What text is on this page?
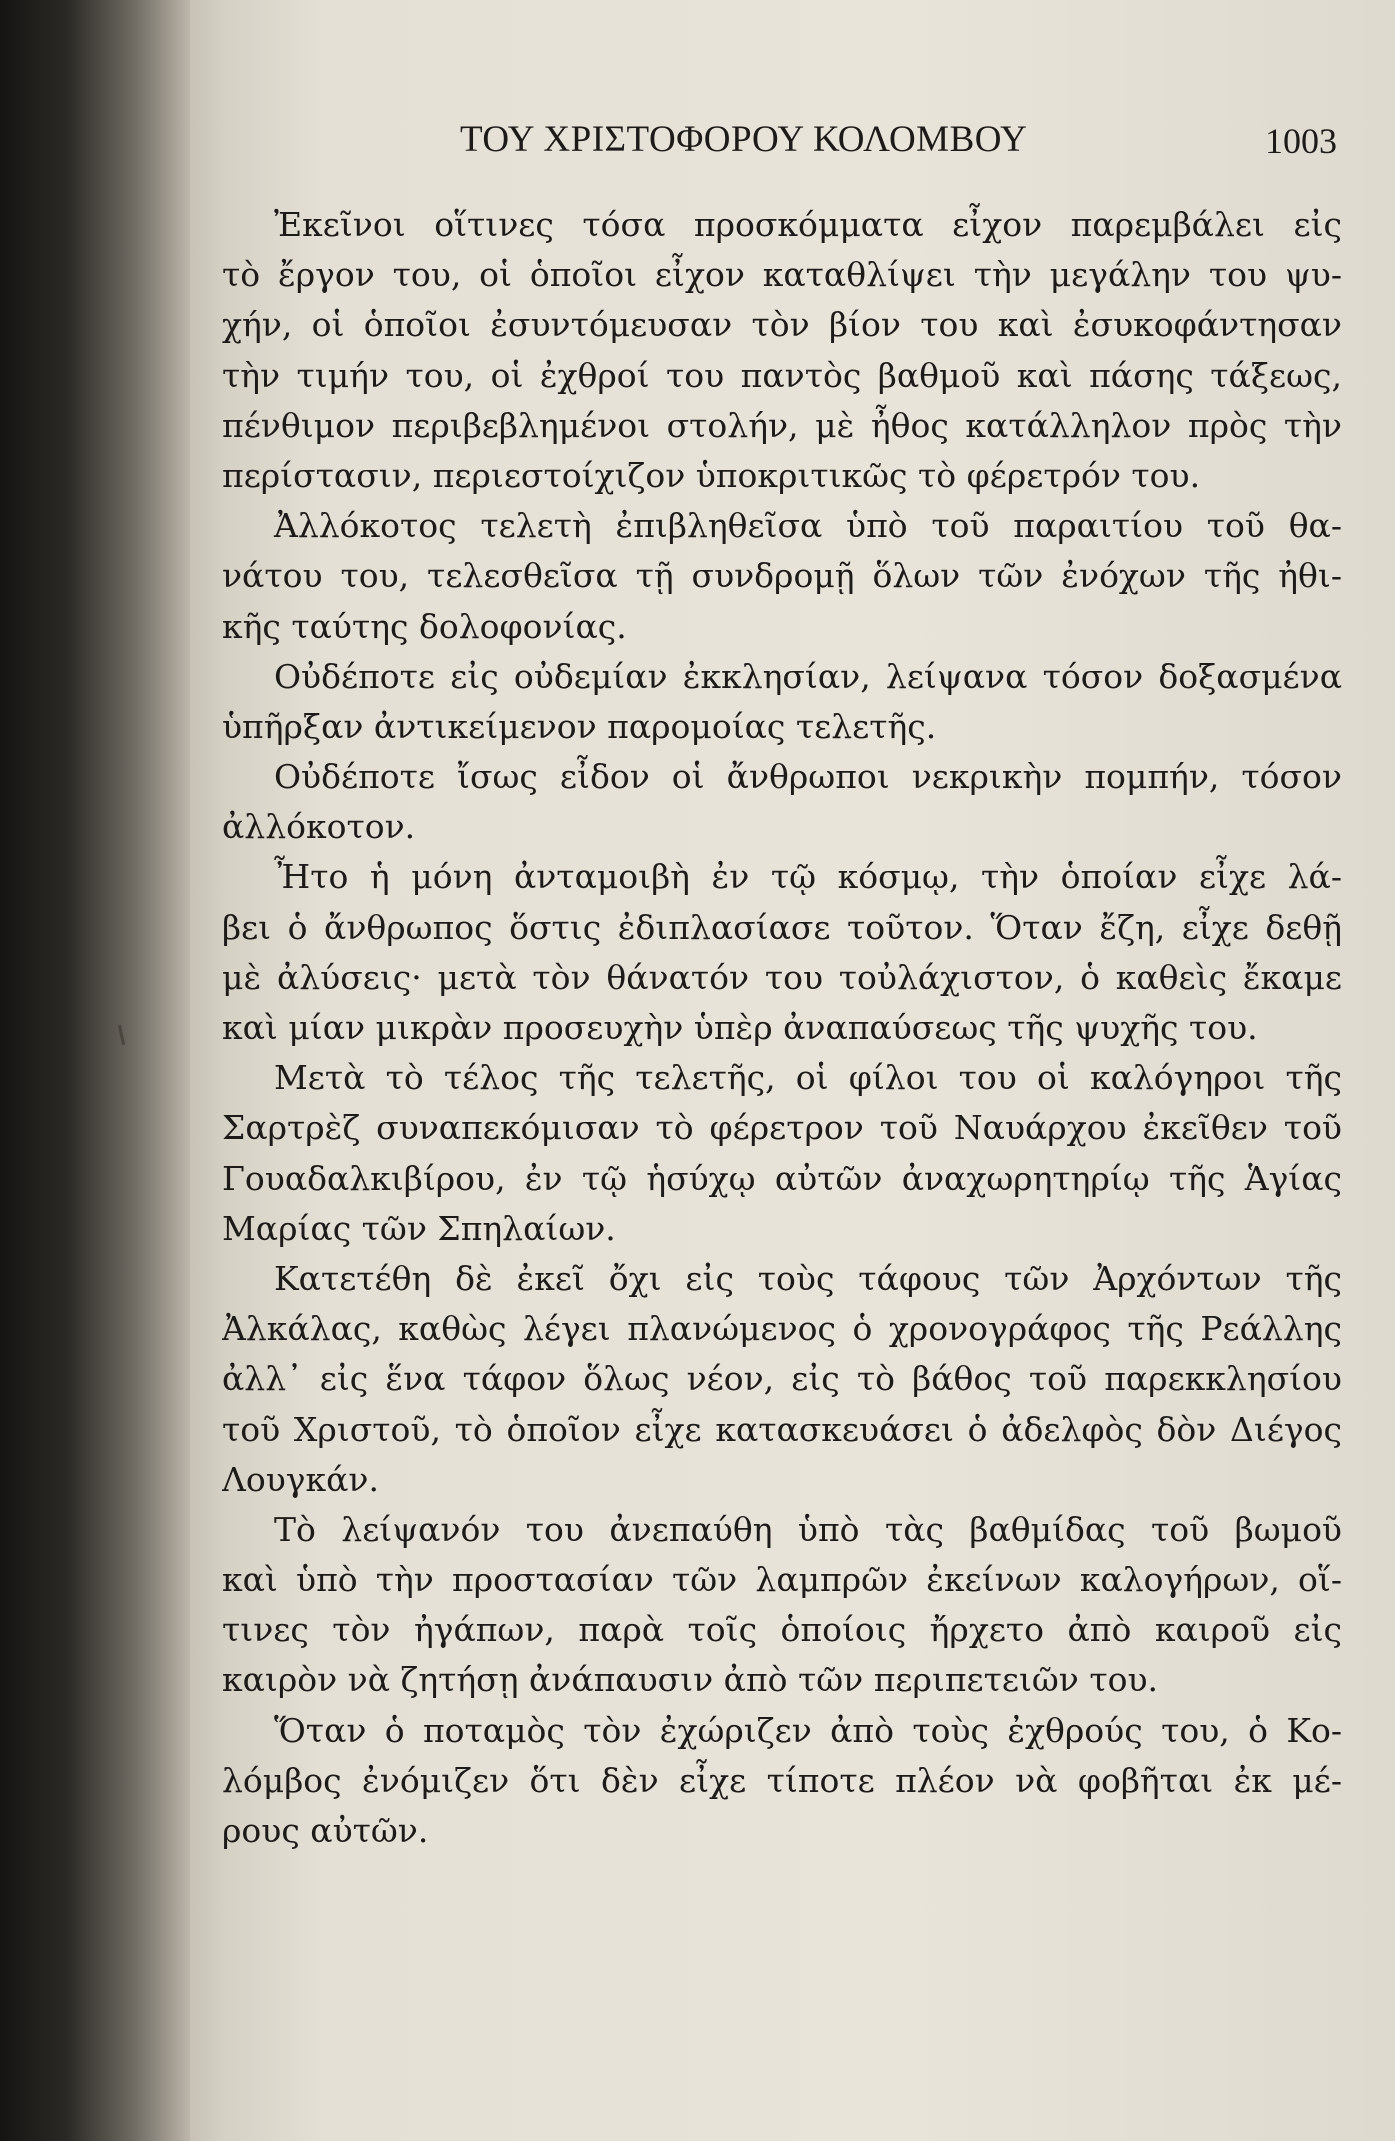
ΤΟΥ ΧΡΙΣΤΟΦΟΡΟΥ ΚΟΛΟΜΒΟΥ	1003
Ἐκεῖνοι οἵτινες τόσα προσκόμματα εἶχον παρεμβάλει εἰς
τὸ ἔργον του, οἱ ὁποῖοι εἶχον καταθλίψει τὴν μεγάλην του ψυ-
χήν, οἱ ὁποῖοι ἐσυντόμευσαν τὸν βίον του καὶ ἐσυκοφάντησαν
τὴν τιμήν του, οἱ ἐχθροί του παντὸς βαθμοῦ καὶ πάσης τάξεως,
πένθιμον περιβεβλημένοι στολήν, μὲ ἦθος κατάλληλον πρὸς τὴν
περίστασιν, περιεστοίχιζον ὑποκριτικῶς τὸ φέρετρόν του.
Ἀλλόκοτος τελετὴ ἐπιβληθεῖσα ὑπὸ τοῦ παραιτίου τοῦ θα-
νάτου του, τελεσθεῖσα τῇ συνδρομῇ ὅλων τῶν ἐνόχων τῆς ἠθι-
κῆς ταύτης δολοφονίας.
Οὐδέποτε εἰς οὐδεμίαν ἐκκλησίαν, λείψανα τόσον δοξασμένα
ὑπῆρξαν ἀντικείμενον παρομοίας τελετῆς.
Οὐδέποτε ἴσως εἶδον οἱ ἄνθρωποι νεκρικὴν πομπήν, τόσον
ἀλλόκοτον.
Ἦτο ἡ μόνη ἀνταμοιβὴ ἐν τῷ κόσμῳ, τὴν ὁποίαν εἶχε λά-
βει ὁ ἄνθρωπος ὅστις ἐδιπλασίασε τοῦτον. Ὅταν ἔζη, εἶχε δεθῇ
μὲ ἀλύσεις· μετὰ τὸν θάνατόν του τοὐλάχιστον, ὁ καθεὶς ἔκαμε
καὶ μίαν μικρὰν προσευχὴν ὑπὲρ ἀναπαύσεως τῆς ψυχῆς του.
Μετὰ τὸ τέλος τῆς τελετῆς, οἱ φίλοι του οἱ καλόγηροι τῆς
Σαρτρὲζ συναπεκόμισαν τὸ φέρετρον τοῦ Ναυάρχου ἐκεῖθεν τοῦ
Γουαδαλκιβίρου, ἐν τῷ ἡσύχῳ αὐτῶν ἀναχωρητηρίῳ τῆς Ἁγίας
Μαρίας τῶν Σπηλαίων.
Κατετέθη δὲ ἐκεῖ ὄχι εἰς τοὺς τάφους τῶν Ἀρχόντων τῆς
Ἀλκάλας, καθὼς λέγει πλανώμενος ὁ χρονογράφος τῆς Ρεάλλης
ἀλλ᾽ εἰς ἕνα τάφον ὅλως νέον, εἰς τὸ βάθος τοῦ παρεκκλησίου
τοῦ Χριστοῦ, τὸ ὁποῖον εἶχε κατασκευάσει ὁ ἀδελφὸς δὸν Διέγος
Λουγκάν.
Τὸ λείψανόν του ἀνεπαύθη ὑπὸ τὰς βαθμίδας τοῦ βωμοῦ
καὶ ὑπὸ τὴν προστασίαν τῶν λαμπρῶν ἐκείνων καλογήρων, οἵ-
τινες τὸν ἠγάπων, παρὰ τοῖς ὁποίοις ἤρχετο ἀπὸ καιροῦ εἰς
καιρὸν νὰ ζητήσῃ ἀνάπαυσιν ἀπὸ τῶν περιπετειῶν του.
Ὅταν ὁ ποταμὸς τὸν ἐχώριζεν ἀπὸ τοὺς ἐχθρούς του, ὁ Κο-
λόμβος ἐνόμιζεν ὅτι δὲν εἶχε τίποτε πλέον νὰ φοβῆται ἐκ μέ-
ρους αὐτῶν.
